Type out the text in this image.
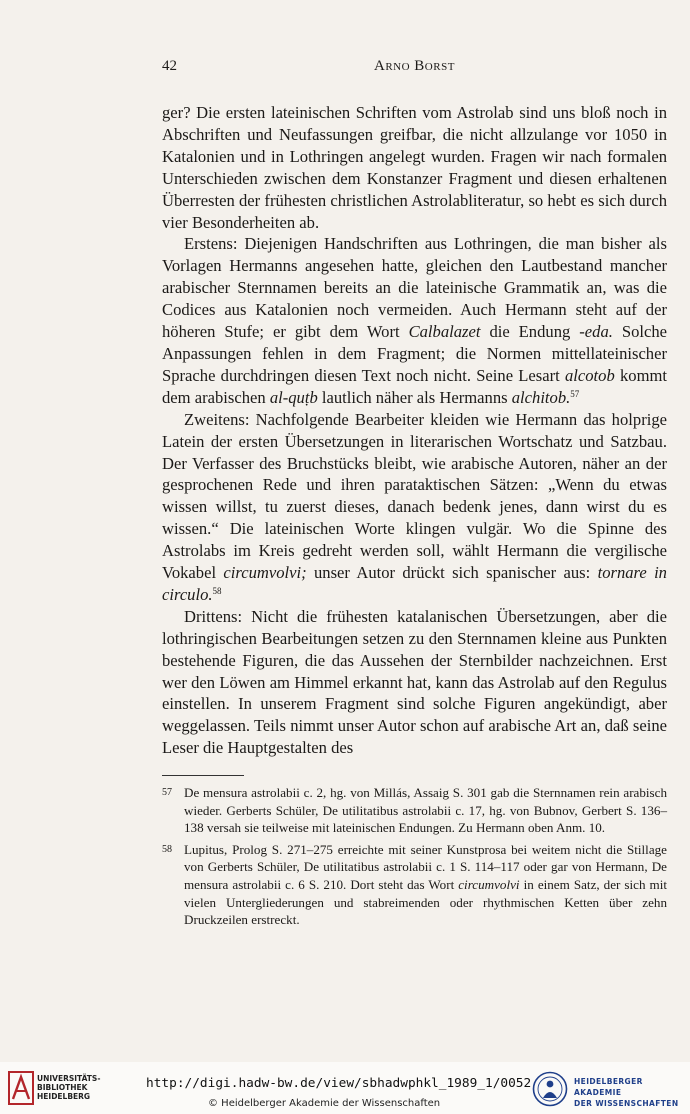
42	Arno Borst

ger? Die ersten lateinischen Schriften vom Astrolab sind uns bloß noch in Abschriften und Neufassungen greifbar, die nicht allzulange vor 1050 in Katalonien und in Lothringen angelegt wurden. Fragen wir nach formalen Unterschieden zwischen dem Konstanzer Fragment und diesen erhaltenen Überresten der frühesten christlichen Astrolabliteratur, so hebt es sich durch vier Besonderheiten ab.

Erstens: Diejenigen Handschriften aus Lothringen, die man bisher als Vorlagen Hermanns angesehen hatte, gleichen den Lautbestand mancher arabischer Sternnamen bereits an die lateinische Grammatik an, was die Codices aus Katalonien noch vermeiden. Auch Hermann steht auf der höheren Stufe; er gibt dem Wort Calbalazet die Endung -eda. Solche Anpassungen fehlen in dem Fragment; die Normen mittellateinischer Sprache durchdringen diesen Text noch nicht. Seine Lesart alcotob kommt dem arabischen al-quṭb lautlich näher als Hermanns alchitob.$^{57}$

Zweitens: Nachfolgende Bearbeiter kleiden wie Hermann das holprige Latein der ersten Übersetzungen in literarischen Wortschatz und Satzbau. Der Verfasser des Bruchstücks bleibt, wie arabische Autoren, näher an der gesprochenen Rede und ihren parataktischen Sätzen: „Wenn du etwas wissen willst, tu zuerst dieses, danach bedenk jenes, dann wirst du es wissen.“ Die lateinischen Worte klingen vulgär. Wo die Spinne des Astrolabs im Kreis gedreht werden soll, wählt Hermann die vergilische Vokabel circumvolvi; unser Autor drückt sich spanischer aus: tornare in circulo.$^{58}$

Drittens: Nicht die frühesten katalanischen Übersetzungen, aber die lothringischen Bearbeitungen setzen zu den Sternnamen kleine aus Punkten bestehende Figuren, die das Aussehen der Sternbilder nachzeichnen. Erst wer den Löwen am Himmel erkannt hat, kann das Astrolab auf den Regulus einstellen. In unserem Fragment sind solche Figuren angekündigt, aber weggelassen. Teils nimmt unser Autor schon auf arabische Art an, daß seine Leser die Hauptgestalten des

57 De mensura astrolabii c. 2, hg. von Millás, Assaig S. 301 gab die Sternnamen rein arabisch wieder. Gerberts Schüler, De utilitatibus astrolabii c. 17, hg. von Bubnov, Gerbert S. 136–138 versah sie teilweise mit lateinischen Endungen. Zu Hermann oben Anm. 10.
58 Lupitus, Prolog S. 271–275 erreichte mit seiner Kunstprosa bei weitem nicht die Stillage von Gerberts Schüler, De utilitatibus astrolabii c. 1 S. 114–117 oder gar von Hermann, De mensura astrolabii c. 6 S. 210. Dort steht das Wort circumvolvi in einem Satz, der sich mit vielen Untergliederungen und stabreimenden oder rhythmischen Ketten über zehn Druckzeilen erstreckt.
UNIVERSITÄTS-
BIBLIOTHEK
HEIDELBERG
http://digi.hadw-bw.de/view/sbhadwphkl_1989_1/0052
© Heidelberger Akademie der Wissenschaften
HEIDELBERGER AKADEMIE
DER WISSENSCHAFTEN
